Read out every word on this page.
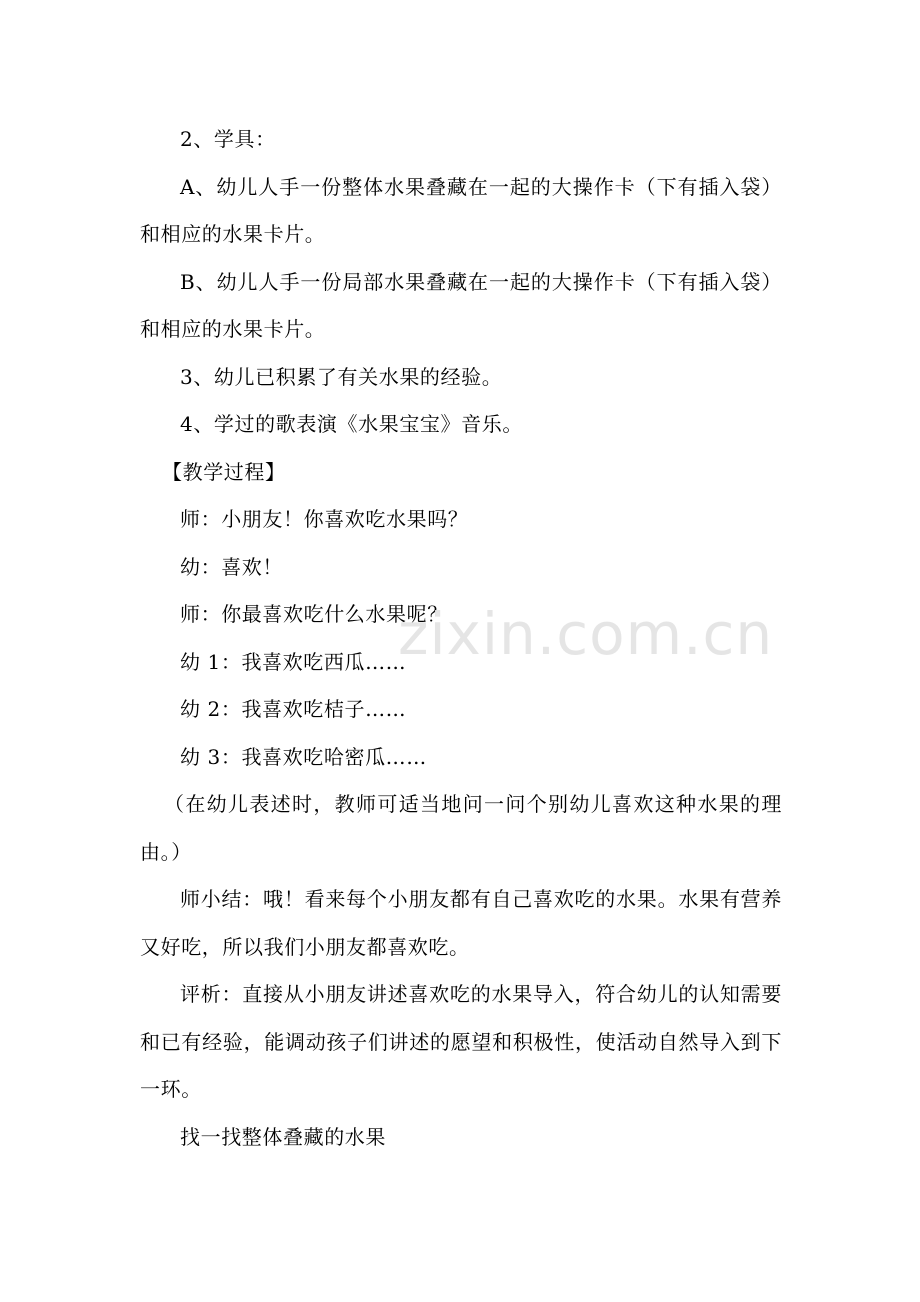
2、学具：

A、幼儿人手一份整体水果叠藏在一起的大操作卡（下有插入袋）和相应的水果卡片。

B、幼儿人手一份局部水果叠藏在一起的大操作卡（下有插入袋）和相应的水果卡片。

3、幼儿已积累了有关水果的经验。

4、学过的歌表演《水果宝宝》音乐。

【教学过程】

师：小朋友！你喜欢吃水果吗？

幼：喜欢！

师：你最喜欢吃什么水果呢？

幼 1：我喜欢吃西瓜……

幼 2：我喜欢吃桔子……

幼 3：我喜欢吃哈密瓜……

（在幼儿表述时，教师可适当地问一问个别幼儿喜欢这种水果的理由。）

师小结：哦！看来每个小朋友都有自己喜欢吃的水果。水果有营养又好吃，所以我们小朋友都喜欢吃。

评析：直接从小朋友讲述喜欢吃的水果导入，符合幼儿的认知需要和已有经验，能调动孩子们讲述的愿望和积极性，使活动自然导入到下一环。

找一找整体叠藏的水果

zixin.com.cn
